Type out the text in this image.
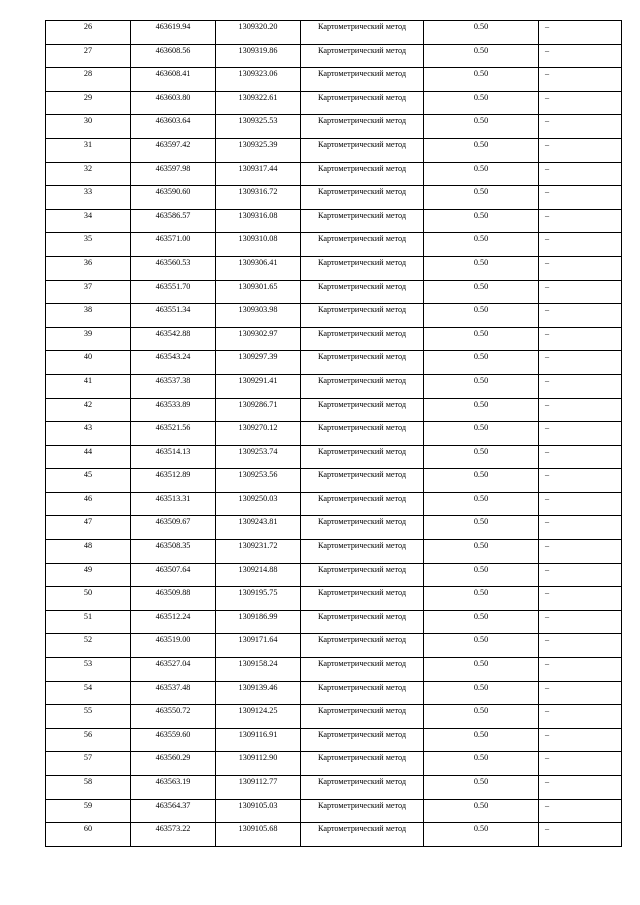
26	463619.94	1309320.20	Картометрический метод	0.50	–

27	463608.56	1309319.86	Картометрический метод	0.50	–

28	463608.41	1309323.06	Картометрический метод	0.50	–

29	463603.80	1309322.61	Картометрический метод	0.50	–

30	463603.64	1309325.53	Картометрический метод	0.50	–

31	463597.42	1309325.39	Картометрический метод	0.50	–

32	463597.98	1309317.44	Картометрический метод	0.50	–

33	463590.60	1309316.72	Картометрический метод	0.50	–

34	463586.57	1309316.08	Картометрический метод	0.50	–

35	463571.00	1309310.08	Картометрический метод	0.50	–

36	463560.53	1309306.41	Картометрический метод	0.50	–

37	463551.70	1309301.65	Картометрический метод	0.50	–

38	463551.34	1309303.98	Картометрический метод	0.50	–

39	463542.88	1309302.97	Картометрический метод	0.50	–

40	463543.24	1309297.39	Картометрический метод	0.50	–

41	463537.38	1309291.41	Картометрический метод	0.50	–

42	463533.89	1309286.71	Картометрический метод	0.50	–

43	463521.56	1309270.12	Картометрический метод	0.50	–

44	463514.13	1309253.74	Картометрический метод	0.50	–

45	463512.89	1309253.56	Картометрический метод	0.50	–

46	463513.31	1309250.03	Картометрический метод	0.50	–

47	463509.67	1309243.81	Картометрический метод	0.50	–

48	463508.35	1309231.72	Картометрический метод	0.50	–

49	463507.64	1309214.88	Картометрический метод	0.50	–

50	463509.88	1309195.75	Картометрический метод	0.50	–

51	463512.24	1309186.99	Картометрический метод	0.50	–

52	463519.00	1309171.64	Картометрический метод	0.50	–

53	463527.04	1309158.24	Картометрический метод	0.50	–

54	463537.48	1309139.46	Картометрический метод	0.50	–

55	463550.72	1309124.25	Картометрический метод	0.50	–

56	463559.60	1309116.91	Картометрический метод	0.50	–

57	463560.29	1309112.90	Картометрический метод	0.50	–

58	463563.19	1309112.77	Картометрический метод	0.50	–

59	463564.37	1309105.03	Картометрический метод	0.50	–

60	463573.22	1309105.68	Картометрический метод	0.50	–
